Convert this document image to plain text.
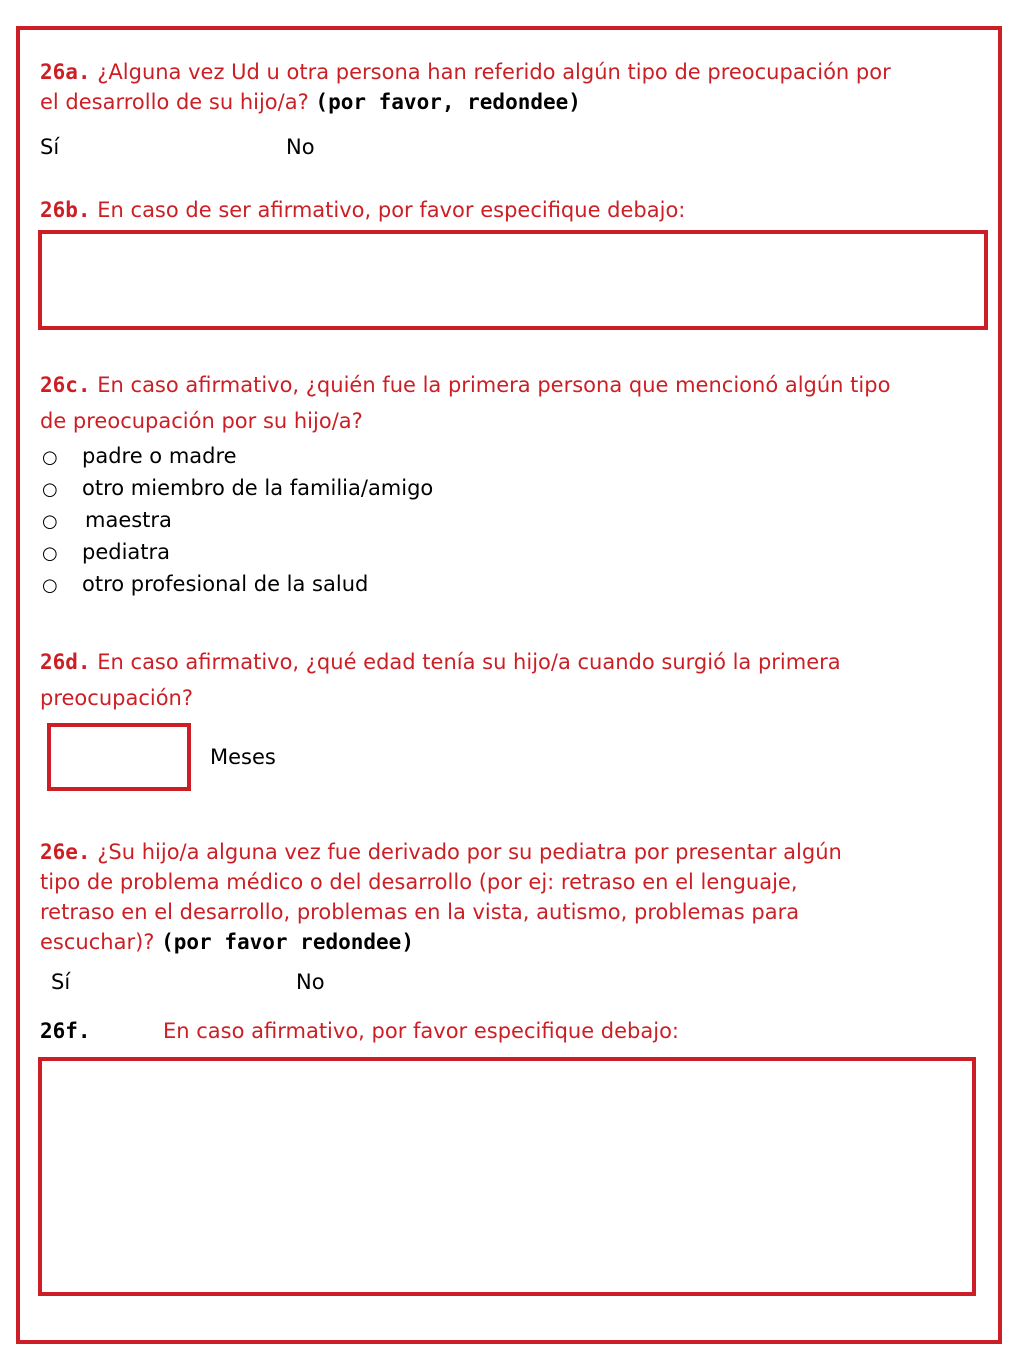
26a. ¿Alguna vez Ud u otra persona han referido algún tipo de preocupación por
el desarrollo de su hijo/a? (por favor, redondee)
Sí	No
26b. En caso de ser afirmativo, por favor especifique debajo:
26c. En caso afirmativo, ¿quién fue la primera persona que mencionó algún tipo
de preocupación por su hijo/a?
○ padre o madre
○ otro miembro de la familia/amigo
○ maestra
○ pediatra
○ otro profesional de la salud
26d. En caso afirmativo, ¿qué edad tenía su hijo/a cuando surgió la primera
preocupación?
Meses
26e. ¿Su hijo/a alguna vez fue derivado por su pediatra por presentar algún
tipo de problema médico o del desarrollo (por ej: retraso en el lenguaje,
retraso en el desarrollo, problemas en la vista, autismo, problemas para
escuchar)? (por favor redondee)
Sí	No
26f.	En caso afirmativo, por favor especifique debajo:
